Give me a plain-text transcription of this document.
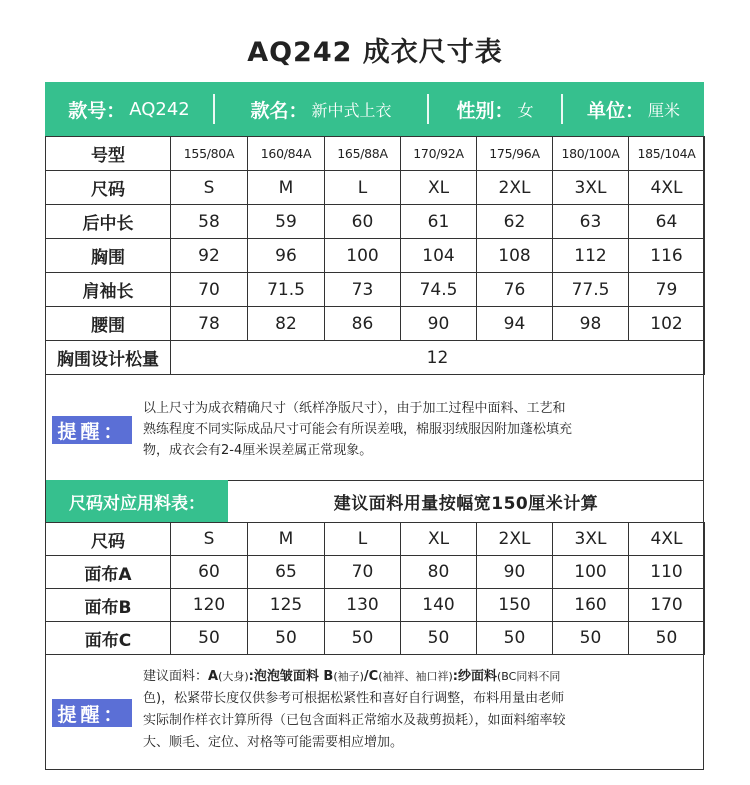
AQ242 成衣尺寸表
款号： AQ242	款名： 新中式上衣	性别： 女	单位： 厘米
号型	155/80A	160/84A	165/88A	170/92A	175/96A	180/100A	185/104A
尺码	S	M	L	XL	2XL	3XL	4XL
后中长	58	59	60	61	62	63	64
胸围	92	96	100	104	108	112	116
肩袖长	70	71.5	73	74.5	76	77.5	79
腰围	78	82	86	90	94	98	102
胸围设计松量	12						
提醒：
以上尺寸为成衣精确尺寸（纸样净版尺寸），由于加工过程中面料、工艺和
熟练程度不同实际成品尺寸可能会有所误差哦，棉服羽绒服因附加蓬松填充
物，成衣会有2-4厘米误差属正常现象。
尺码对应用料表：	建议面料用量按幅宽150厘米计算
尺码	S	M	L	XL	2XL	3XL	4XL
面布A	60	65	70	80	90	100	110
面布B	120	125	130	140	150	160	170
面布C	50	50	50	50	50	50	50
提醒：
建议面料：A(大身):泡泡皱面料 B(袖子)/C(袖袢、袖口袢):纱面料(BC同料不同
色)，松紧带长度仅供参考可根据松紧性和喜好自行调整，布料用量由老师
实际制作样衣计算所得（已包含面料正常缩水及裁剪损耗），如面料缩率较
大、顺毛、定位、对格等可能需要相应增加。
